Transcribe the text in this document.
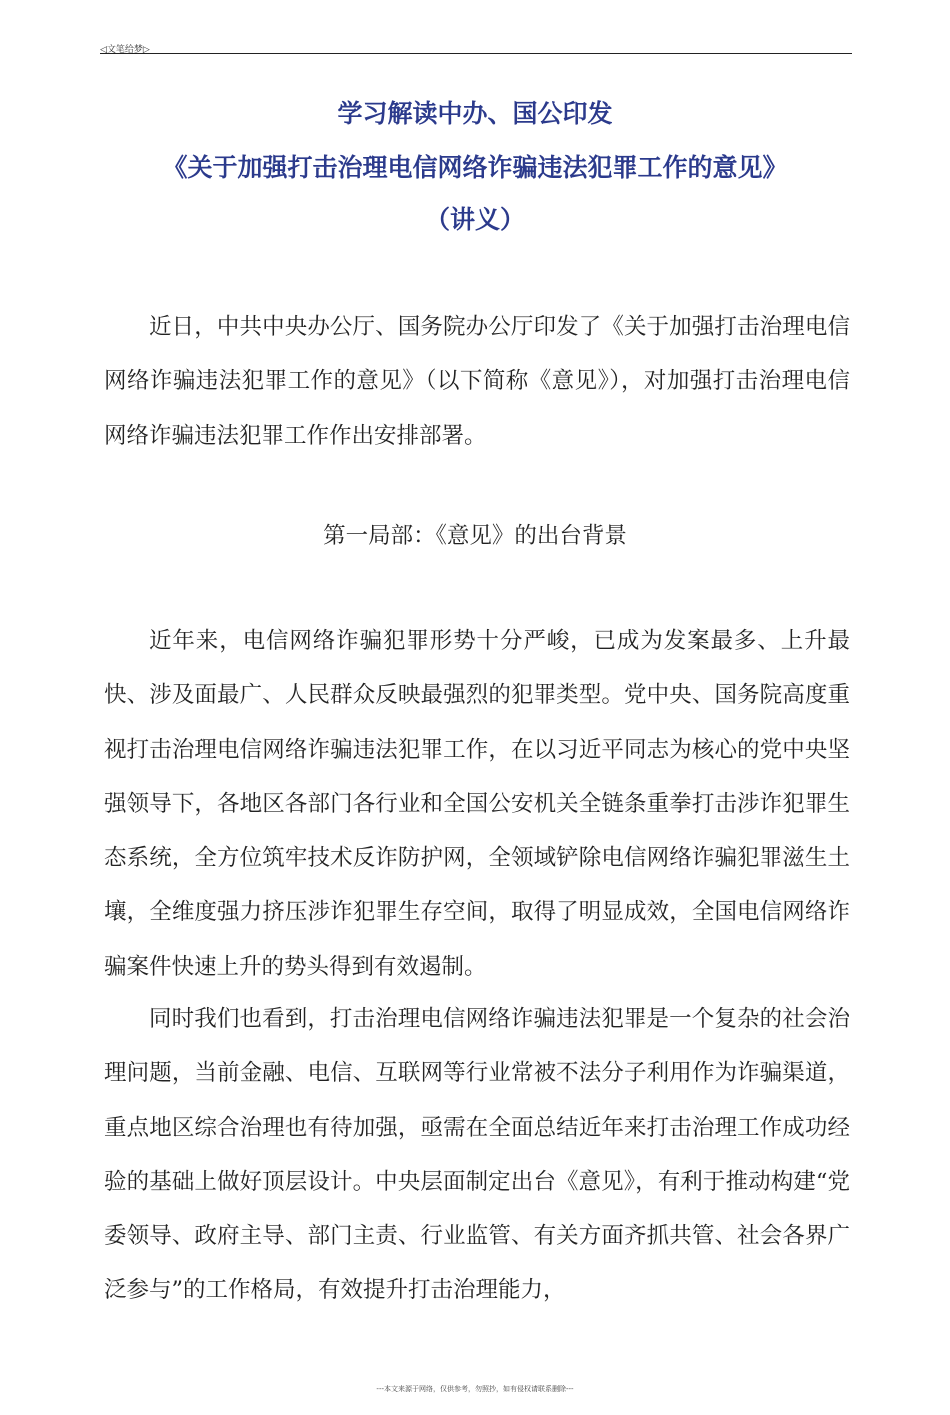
◁文笔给梦▷
学习解读中办、国公印发
《关于加强打击治理电信网络诈骗违法犯罪工作的意见》
（讲义）

近日，中共中央办公厅、国务院办公厅印发了《关于加强打击治理电信网络诈骗违法犯罪工作的意见》（以下简称《意见》），对加强打击治理电信网络诈骗违法犯罪工作作出安排部署。

第一局部：《意见》的出台背景

近年来，电信网络诈骗犯罪形势十分严峻，已成为发案最多、上升最快、涉及面最广、人民群众反映最强烈的犯罪类型。党中央、国务院高度重视打击治理电信网络诈骗违法犯罪工作，在以习近平同志为核心的党中央坚强领导下，各地区各部门各行业和全国公安机关全链条重拳打击涉诈犯罪生态系统，全方位筑牢技术反诈防护网，全领域铲除电信网络诈骗犯罪滋生土壤，全维度强力挤压涉诈犯罪生存空间，取得了明显成效，全国电信网络诈骗案件快速上升的势头得到有效遏制。

同时我们也看到，打击治理电信网络诈骗违法犯罪是一个复杂的社会治理问题，当前金融、电信、互联网等行业常被不法分子利用作为诈骗渠道，重点地区综合治理也有待加强，亟需在全面总结近年来打击治理工作成功经验的基础上做好顶层设计。中央层面制定出台《意见》，有利于推动构建“党委领导、政府主导、部门主责、行业监管、有关方面齐抓共管、社会各界广泛参与”的工作格局，有效提升打击治理能力，

---本文来源于网络，仅供参考，勿照抄，如有侵权请联系删除---
